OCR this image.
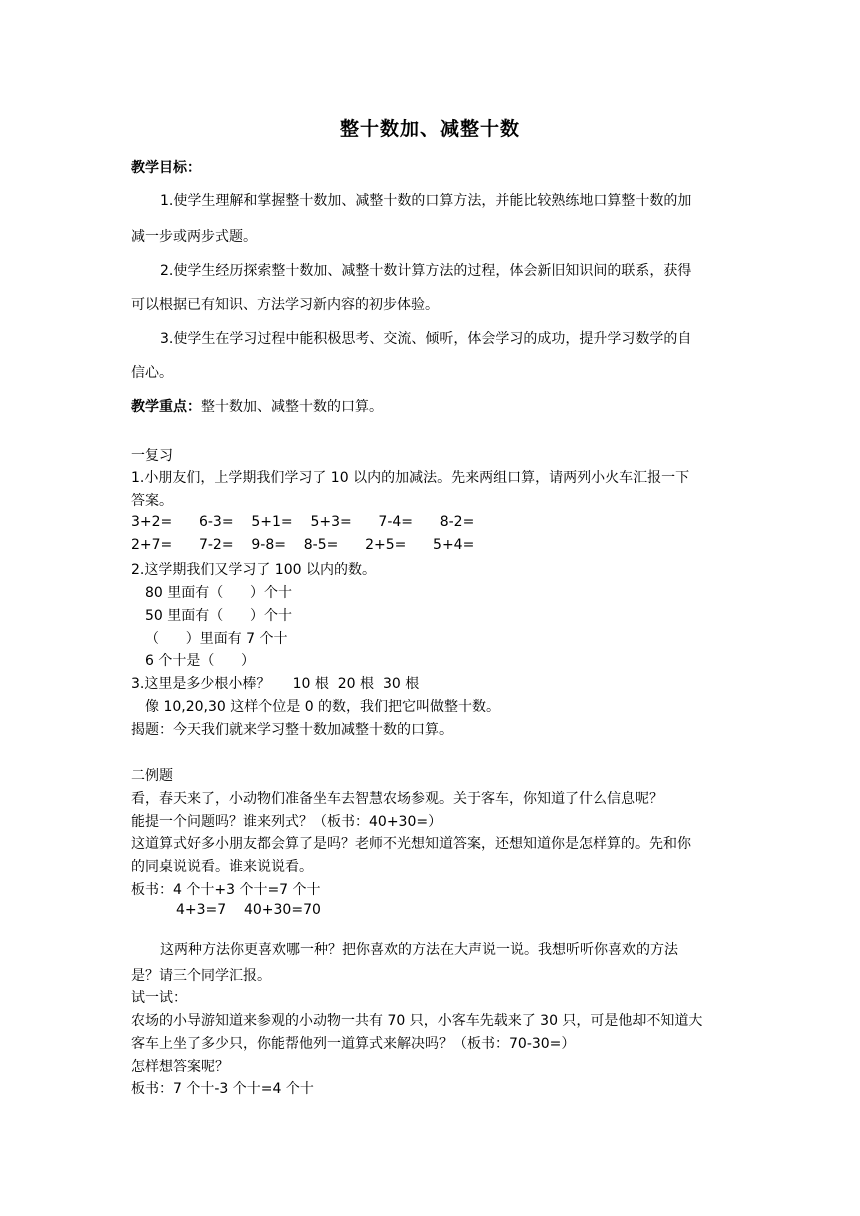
整十数加、减整十数
教学目标：
1.使学生理解和掌握整十数加、减整十数的口算方法，并能比较熟练地口算整十数的加
减一步或两步式题。
2.使学生经历探索整十数加、减整十数计算方法的过程，体会新旧知识间的联系，获得
可以根据已有知识、方法学习新内容的初步体验。
3.使学生在学习过程中能积极思考、交流、倾听，体会学习的成功，提升学习数学的自
信心。
教学重点：整十数加、减整十数的口算。
一复习
1.小朋友们，上学期我们学习了 10 以内的加减法。先来两组口算，请两列小火车汇报一下
答案。
3+2=      6-3=    5+1=    5+3=      7-4=      8-2=
2+7=      7-2=    9-8=    8-5=      2+5=      5+4=
2.这学期我们又学习了 100 以内的数。
80 里面有（      ）个十
50 里面有（      ）个十
（      ）里面有 7 个十
6 个十是（      ）
3.这里是多少根小棒？     10 根  20 根  30 根
像 10,20,30 这样个位是 0 的数，我们把它叫做整十数。
揭题：今天我们就来学习整十数加减整十数的口算。
二例题
看，春天来了，小动物们准备坐车去智慧农场参观。关于客车，你知道了什么信息呢？
能提一个问题吗？谁来列式？（板书：40+30=）
这道算式好多小朋友都会算了是吗？老师不光想知道答案，还想知道你是怎样算的。先和你
的同桌说说看。谁来说说看。
板书：4 个十+3 个十=7 个十
4+3=7    40+30=70
这两种方法你更喜欢哪一种？把你喜欢的方法在大声说一说。我想听听你喜欢的方法
是？请三个同学汇报。
试一试：
农场的小导游知道来参观的小动物一共有 70 只，小客车先载来了 30 只，可是他却不知道大
客车上坐了多少只，你能帮他列一道算式来解决吗？（板书：70-30=）
怎样想答案呢？
板书：7 个十-3 个十=4 个十
